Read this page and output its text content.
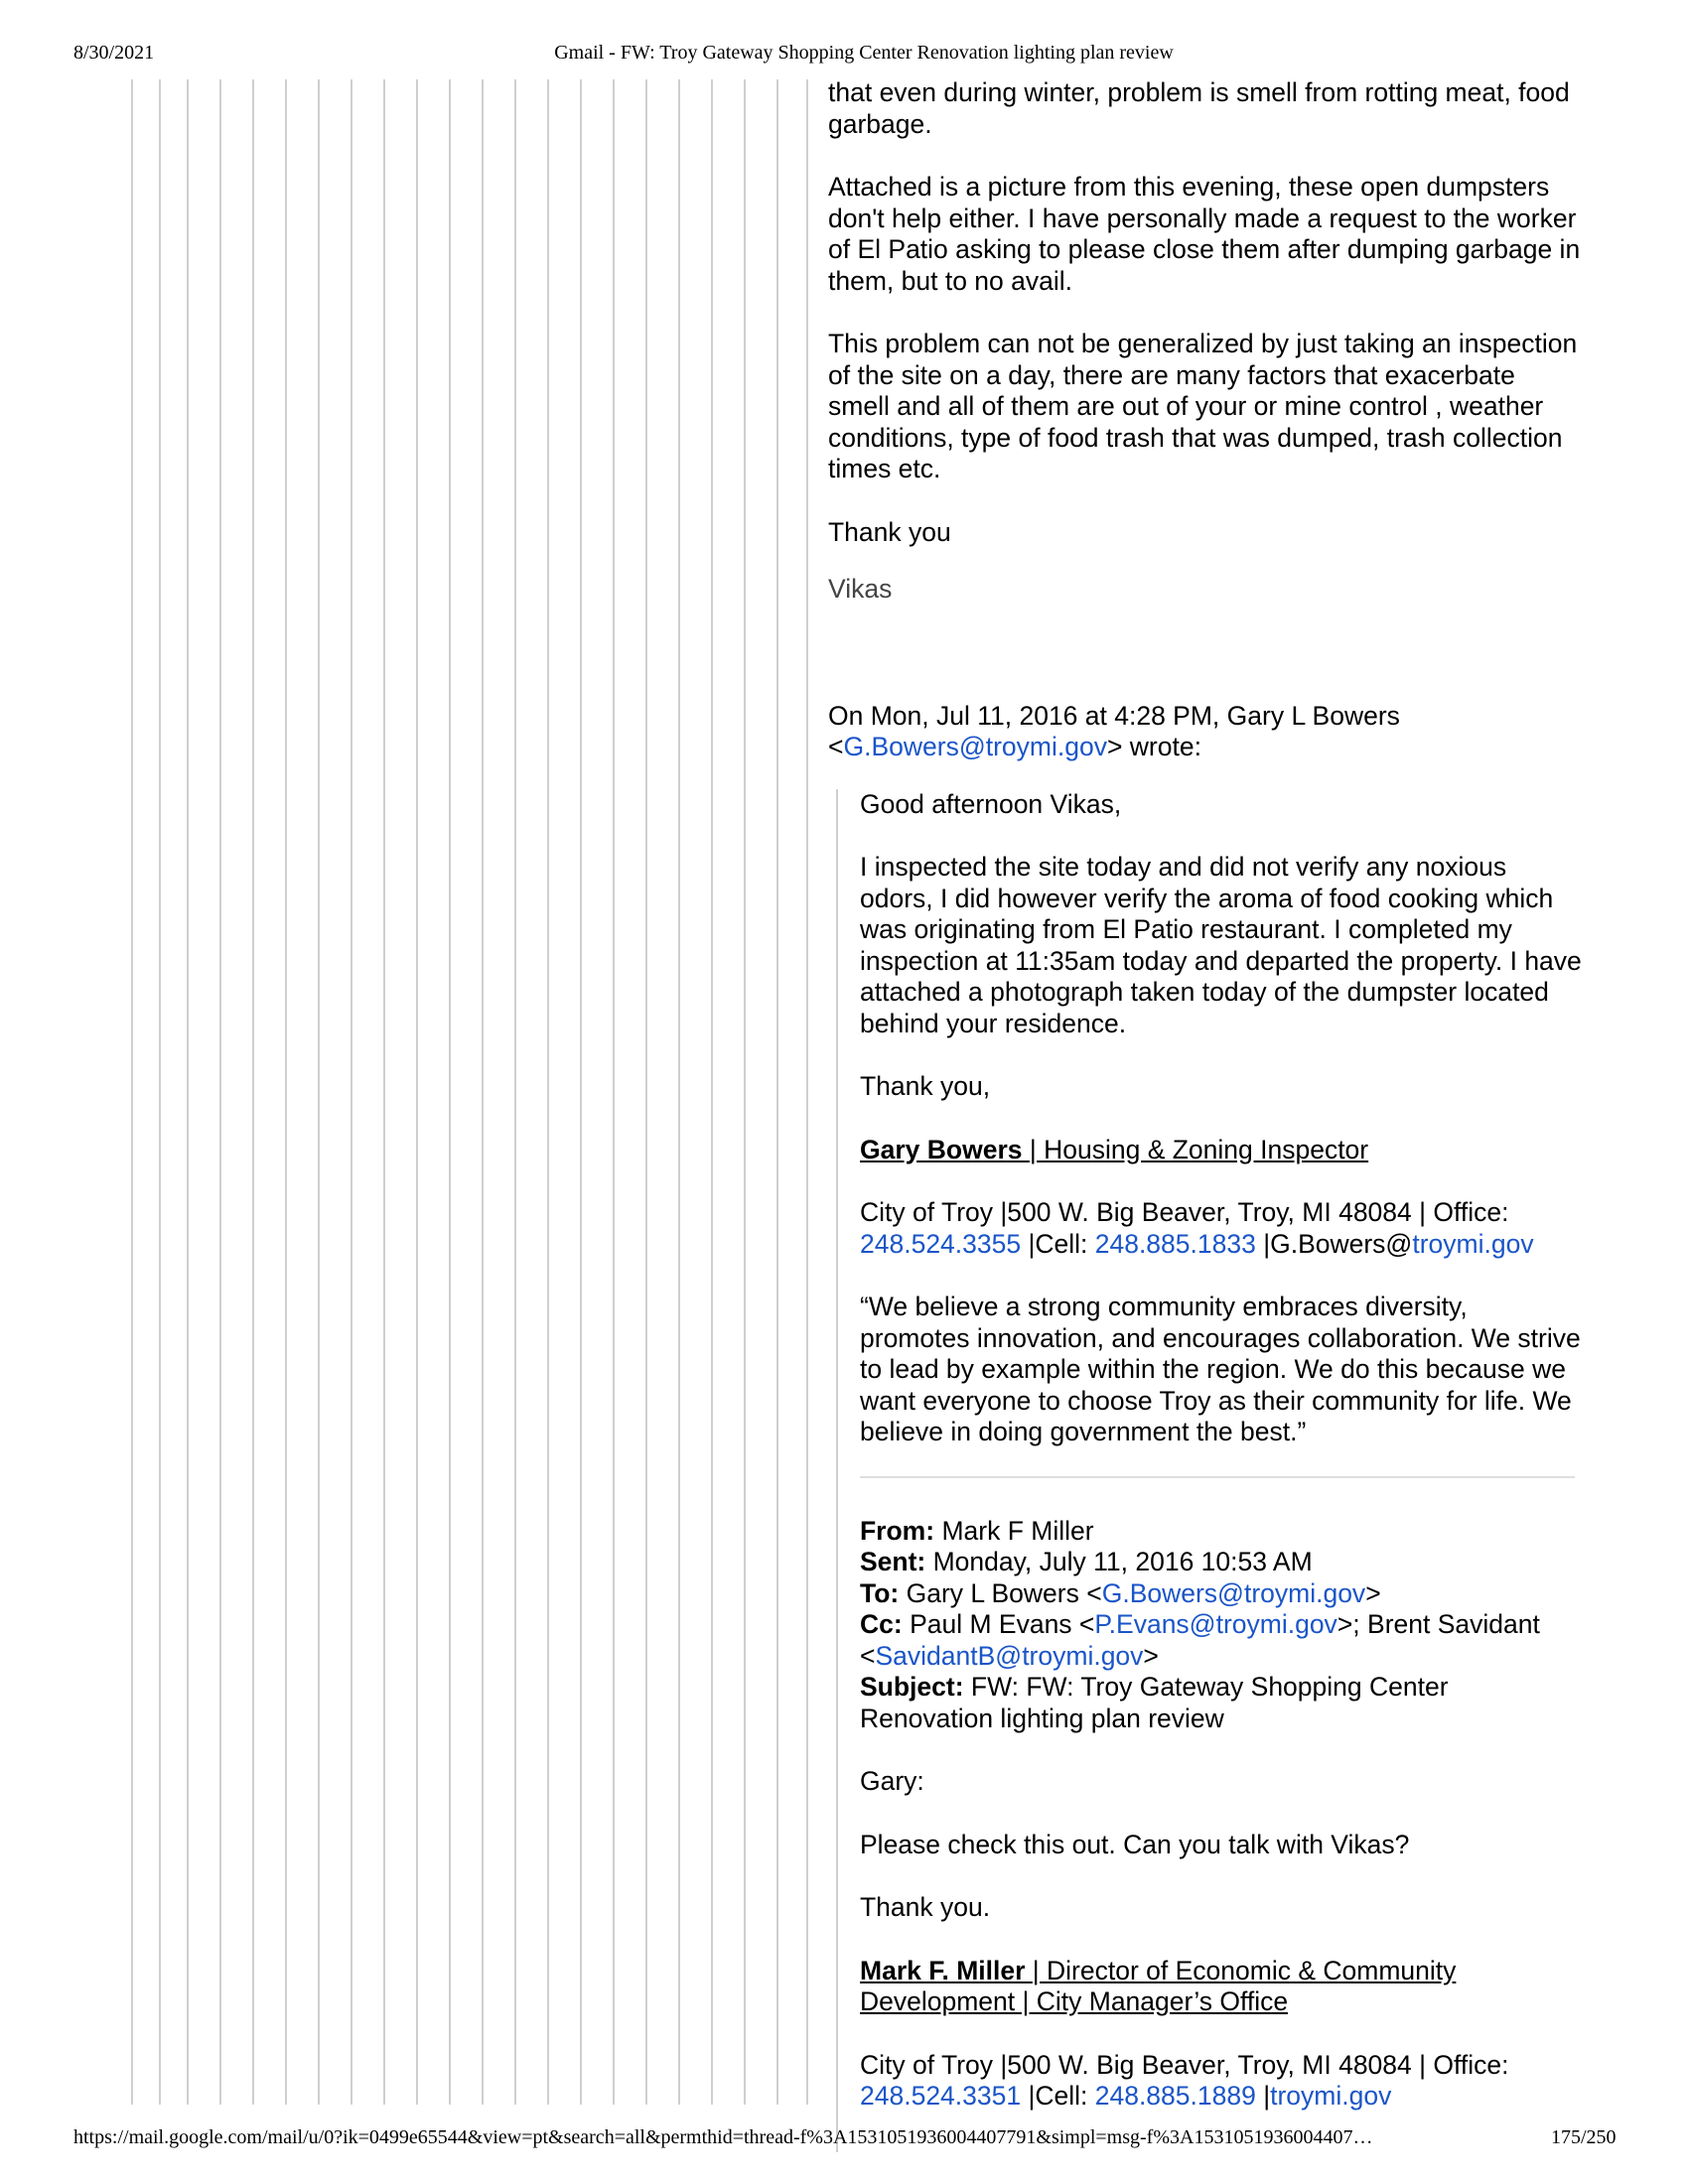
8/30/2021	Gmail - FW: Troy Gateway Shopping Center Renovation lighting plan review

that even during winter, problem is smell from rotting meat, food garbage.

Attached is a picture from this evening, these open dumpsters don't help either. I have personally made a request to the worker of El Patio asking to please close them after dumping garbage in them, but to no avail.

This problem can not be generalized by just taking an inspection of the site on a day, there are many factors that exacerbate smell and all of them are out of your or mine control , weather conditions, type of food trash that was dumped, trash collection times etc.

Thank you

Vikas

On Mon, Jul 11, 2016 at 4:28 PM, Gary L Bowers
<G.Bowers@troymi.gov> wrote:

Good afternoon Vikas,

I inspected the site today and did not verify any noxious odors, I did however verify the aroma of food cooking which was originating from El Patio restaurant. I completed my inspection at 11:35am today and departed the property. I have attached a photograph taken today of the dumpster located behind your residence.

Thank you,

Gary Bowers | Housing & Zoning Inspector

City of Troy |500 W. Big Beaver, Troy, MI 48084 | Office:
248.524.3355 |Cell: 248.885.1833 |G.Bowers@troymi.gov

“We believe a strong community embraces diversity, promotes innovation, and encourages collaboration. We strive to lead by example within the region. We do this because we want everyone to choose Troy as their community for life. We believe in doing government the best.”

From: Mark F Miller
Sent: Monday, July 11, 2016 10:53 AM
To: Gary L Bowers <G.Bowers@troymi.gov>
Cc: Paul M Evans <P.Evans@troymi.gov>; Brent Savidant
<SavidantB@troymi.gov>
Subject: FW: FW: Troy Gateway Shopping Center Renovation lighting plan review

Gary:

Please check this out. Can you talk with Vikas?

Thank you.

Mark F. Miller | Director of Economic & Community Development | City Manager’s Office

City of Troy |500 W. Big Beaver, Troy, MI 48084 | Office:
248.524.3351 |Cell: 248.885.1889 |troymi.gov

https://mail.google.com/mail/u/0?ik=0499e65544&view=pt&search=all&permthid=thread-f%3A1531051936004407791&simpl=msg-f%3A1531051936004407…	175/250
